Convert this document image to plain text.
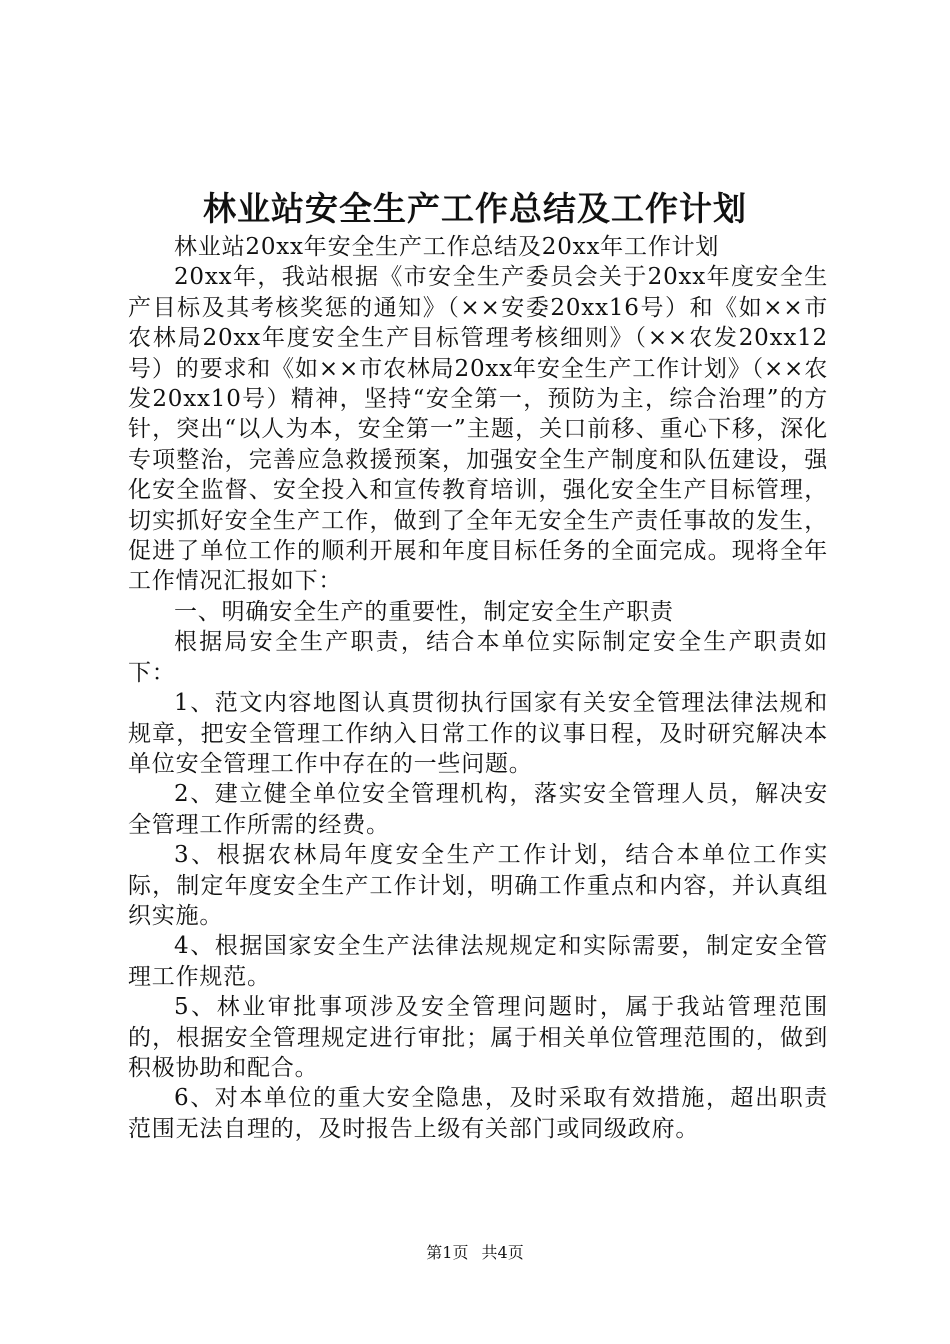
林业站安全生产工作总结及工作计划

林业站20xx年安全生产工作总结及20xx年工作计划

20xx年，我站根据《市安全生产委员会关于20xx年度安全生产目标及其考核奖惩的通知》（××安委20xx16号）和《如××市农林局20xx年度安全生产目标管理考核细则》（××农发20xx12号）的要求和《如××市农林局20xx年安全生产工作计划》（××农发20xx10号）精神，坚持“安全第一，预防为主，综合治理”的方针，突出“以人为本，安全第一”主题，关口前移、重心下移，深化专项整治，完善应急救援预案，加强安全生产制度和队伍建设，强化安全监督、安全投入和宣传教育培训，强化安全生产目标管理，切实抓好安全生产工作，做到了全年无安全生产责任事故的发生，促进了单位工作的顺利开展和年度目标任务的全面完成。现将全年工作情况汇报如下：

一、明确安全生产的重要性，制定安全生产职责

根据局安全生产职责，结合本单位实际制定安全生产职责如下：

1、范文内容地图认真贯彻执行国家有关安全管理法律法规和规章，把安全管理工作纳入日常工作的议事日程，及时研究解决本单位安全管理工作中存在的一些问题。

2、建立健全单位安全管理机构，落实安全管理人员，解决安全管理工作所需的经费。

3、根据农林局年度安全生产工作计划，结合本单位工作实际，制定年度安全生产工作计划，明确工作重点和内容，并认真组织实施。

4、根据国家安全生产法律法规规定和实际需要，制定安全管理工作规范。

5、林业审批事项涉及安全管理问题时，属于我站管理范围的，根据安全管理规定进行审批；属于相关单位管理范围的，做到积极协助和配合。

6、对本单位的重大安全隐患，及时采取有效措施，超出职责范围无法自理的，及时报告上级有关部门或同级政府。

第1页 共4页
